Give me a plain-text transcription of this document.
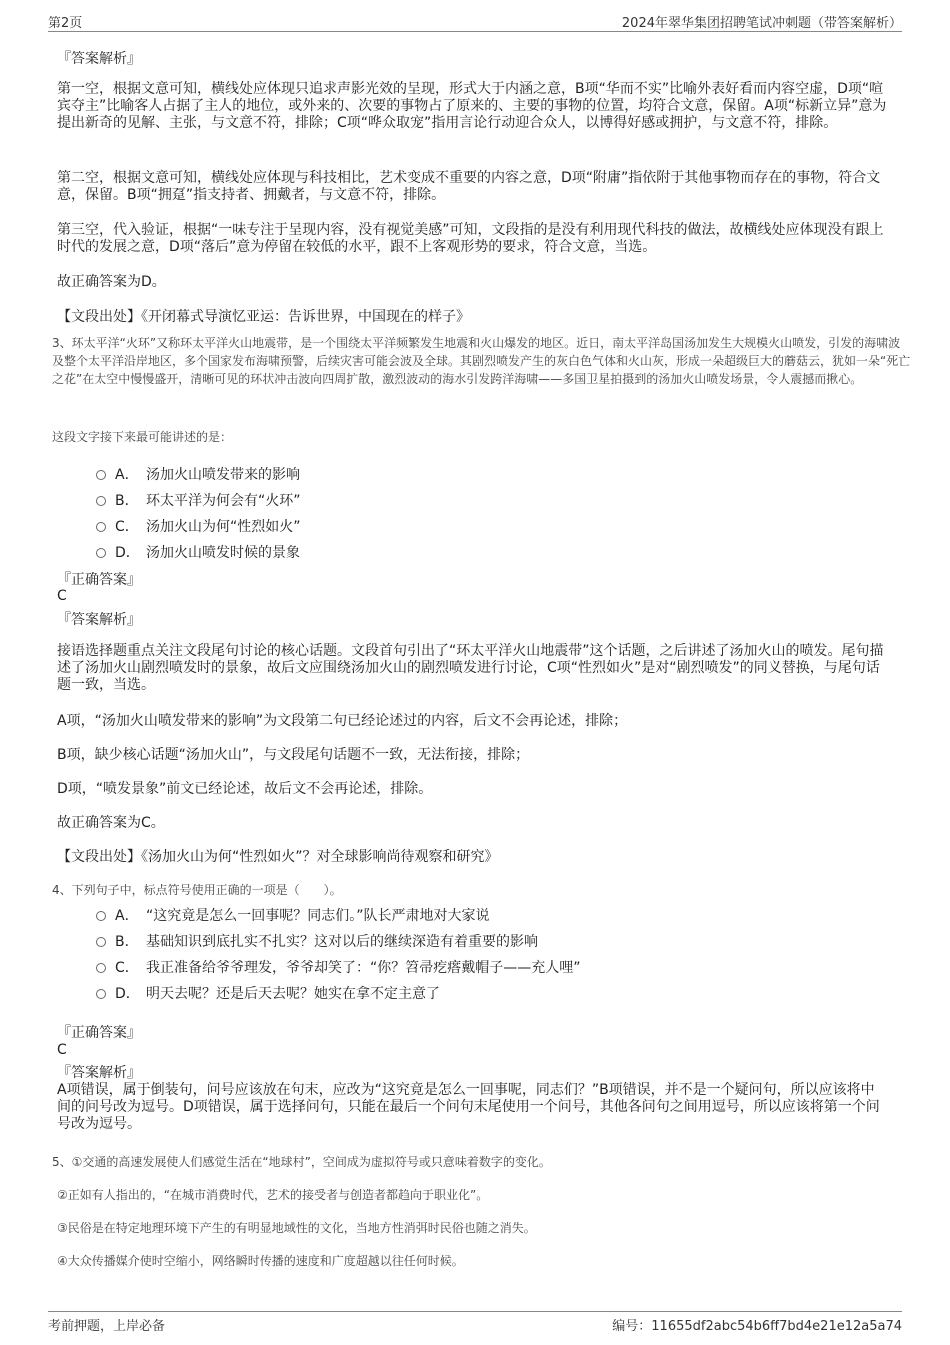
第2页	2024年翠华集团招聘笔试冲刺题（带答案解析）
『答案解析』
第一空，根据文意可知，横线处应体现只追求声影光效的呈现，形式大于内涵之意，B项“华而不实”比喻外表好看而内容空虚，D项“喧宾夺主”比喻客人占据了主人的地位，或外来的、次要的事物占了原来的、主要的事物的位置，均符合文意，保留。A项“标新立异”意为提出新奇的见解、主张，与文意不符，排除；C项“哗众取宠”指用言论行动迎合众人，以博得好感或拥护，与文意不符，排除。
第二空，根据文意可知，横线处应体现与科技相比，艺术变成不重要的内容之意，D项“附庸”指依附于其他事物而存在的事物，符合文意，保留。B项“拥趸”指支持者、拥戴者，与文意不符，排除。
第三空，代入验证，根据“一味专注于呈现内容，没有视觉美感”可知，文段指的是没有利用现代科技的做法，故横线处应体现没有跟上时代的发展之意，D项“落后”意为停留在较低的水平，跟不上客观形势的要求，符合文意，当选。
故正确答案为D。
【文段出处】《开闭幕式导演忆亚运：告诉世界，中国现在的样子》
3、环太平洋“火环”又称环太平洋火山地震带，是一个围绕太平洋频繁发生地震和火山爆发的地区。近日，南太平洋岛国汤加发生大规模火山喷发，引发的海啸波及整个太平洋沿岸地区，多个国家发布海啸预警，后续灾害可能会波及全球。其剧烈喷发产生的灰白色气体和火山灰，形成一朵超级巨大的蘑菇云，犹如一朵“死亡之花”在太空中慢慢盛开，清晰可见的环状冲击波向四周扩散，激烈波动的海水引发跨洋海啸——多国卫星拍摄到的汤加火山喷发场景，令人震撼而揪心。
这段文字接下来最可能讲述的是：
A． 汤加火山喷发带来的影响
B． 环太平洋为何会有“火环”
C． 汤加火山为何“性烈如火”
D． 汤加火山喷发时候的景象
『正确答案』
C
『答案解析』
接语选择题重点关注文段尾句讨论的核心话题。文段首句引出了“环太平洋火山地震带”这个话题，之后讲述了汤加火山的喷发。尾句描述了汤加火山剧烈喷发时的景象，故后文应围绕汤加火山的剧烈喷发进行讨论，C项“性烈如火”是对“剧烈喷发”的同义替换，与尾句话题一致，当选。
A项，“汤加火山喷发带来的影响”为文段第二句已经论述过的内容，后文不会再论述，排除；
B项，缺少核心话题“汤加火山”，与文段尾句话题不一致，无法衔接，排除；
D项，“喷发景象”前文已经论述，故后文不会再论述，排除。
故正确答案为C。
【文段出处】《汤加火山为何“性烈如火”？对全球影响尚待观察和研究》
4、下列句子中，标点符号使用正确的一项是（　　）。
A． “这究竟是怎么一回事呢？同志们。”队长严肃地对大家说
B． 基础知识到底扎实不扎实？这对以后的继续深造有着重要的影响
C． 我正准备给爷爷理发，爷爷却笑了：“你？笤帚疙瘩戴帽子——充人哩”
D． 明天去呢？还是后天去呢？她实在拿不定主意了
『正确答案』
C
『答案解析』
A项错误，属于倒装句，问号应该放在句末，应改为“这究竟是怎么一回事呢，同志们？”B项错误，并不是一个疑问句，所以应该将中间的问号改为逗号。D项错误，属于选择问句，只能在最后一个问句末尾使用一个问号，其他各问句之间用逗号，所以应该将第一个问号改为逗号。
5、①交通的高速发展使人们感觉生活在“地球村”，空间成为虚拟符号或只意味着数字的变化。
②正如有人指出的，“在城市消费时代，艺术的接受者与创造者都趋向于职业化”。
③民俗是在特定地理环境下产生的有明显地域性的文化，当地方性消弭时民俗也随之消失。
④大众传播媒介使时空缩小，网络瞬时传播的速度和广度超越以往任何时候。
考前押题，上岸必备	编号：11655df2abc54b6ff7bd4e21e12a5a74
